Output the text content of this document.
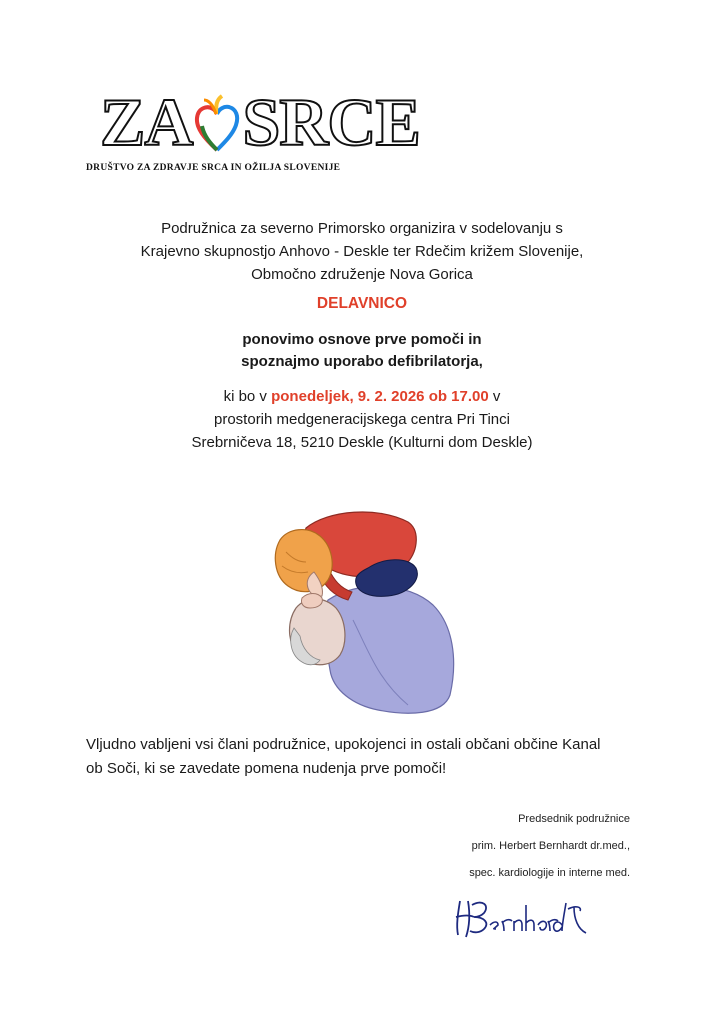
ZA SRCE
DRUŠTVO ZA ZDRAVJE SRCA IN OŽILJA SLOVENIJE
Podružnica za severno Primorsko organizira v sodelovanju s
Krajevno skupnostjo Anhovo - Deskle ter Rdečim križem Slovenije,
Območno združenje Nova Gorica
DELAVNICO
ponovimo osnove prve pomoči in
spoznajmo uporabo defibrilatorja,
ki bo v ponedeljek, 9. 2. 2026 ob 17.00 v
prostorih medgeneracijskega centra Pri Tinci
Srebrničeva 18, 5210 Deskle (Kulturni dom Deskle)
Vljudno vabljeni vsi člani podružnice, upokojenci in ostali občani občine Kanal
ob Soči, ki se zavedate pomena nudenja prve pomoči!
Predsednik podružnice
prim. Herbert Bernhardt dr.med.,
spec. kardiologije in interne med.
